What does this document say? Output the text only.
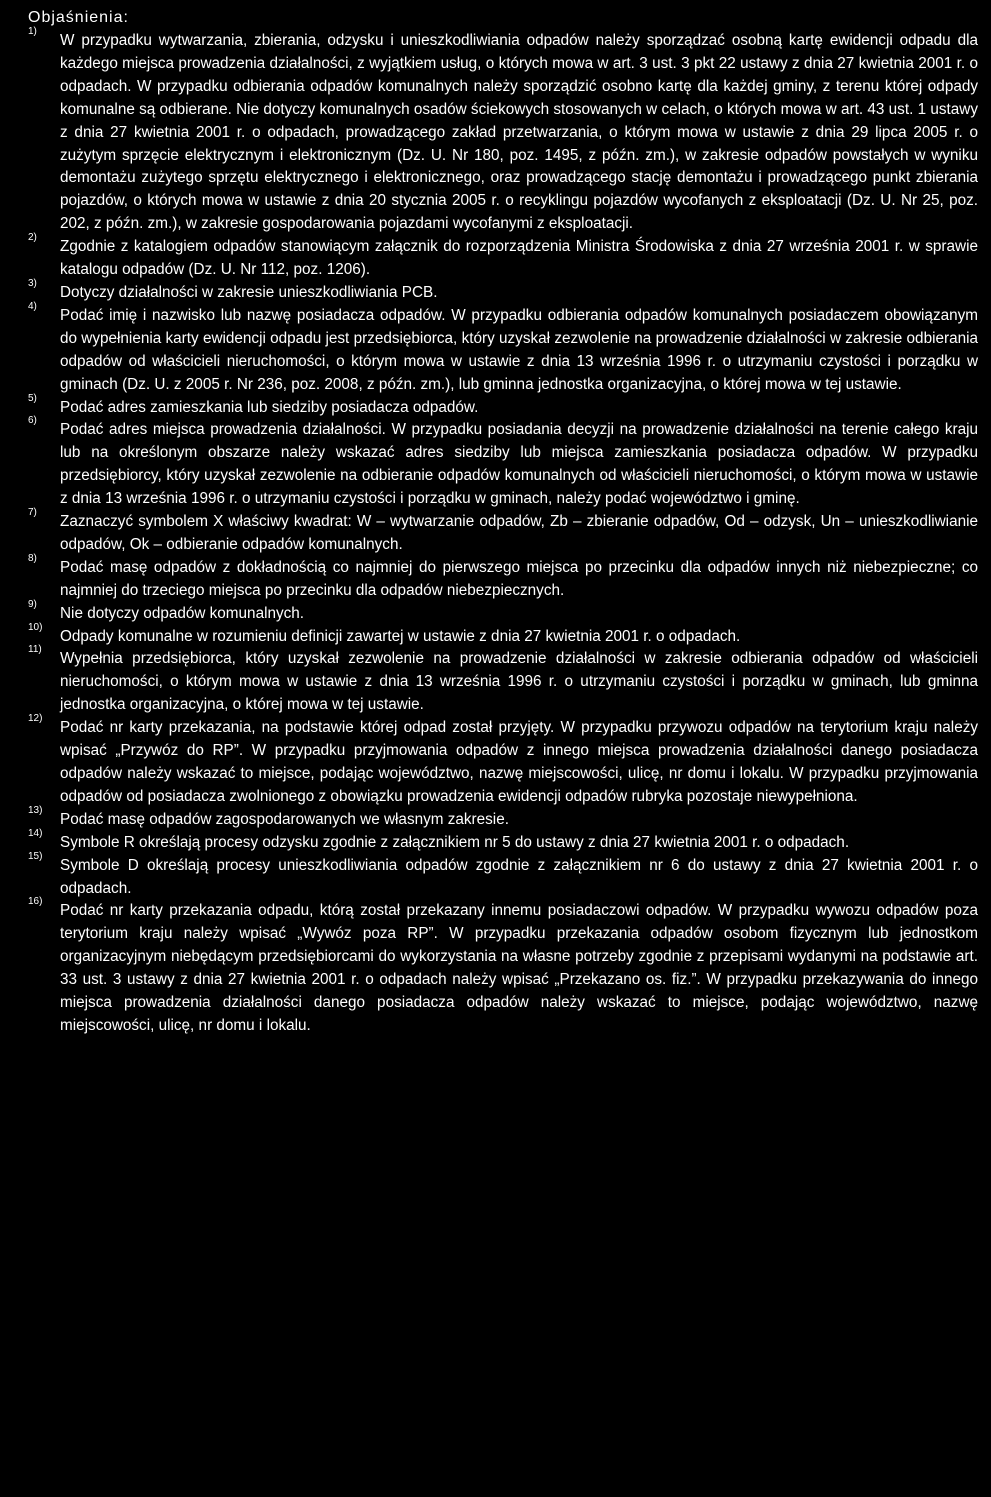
Objaśnienia:
1)
W przypadku wytwarzania, zbierania, odzysku i unieszkodliwiania odpadów należy sporządzać osobną kartę ewidencji odpadu dla każdego miejsca prowadzenia działalności, z wyjątkiem usług, o których mowa w art. 3 ust. 3 pkt 22 ustawy z dnia 27 kwietnia 2001 r. o odpadach. W przypadku odbierania odpadów komunalnych należy sporządzić osobno kartę dla każdej gminy, z terenu której odpady komunalne są odbierane. Nie dotyczy komunalnych osadów ściekowych stosowanych w celach, o których mowa w art. 43 ust. 1 ustawy z dnia 27 kwietnia 2001 r. o odpadach, prowadzącego zakład przetwarzania, o którym mowa w ustawie z dnia 29 lipca 2005 r. o zużytym sprzęcie elektrycznym i elektronicznym (Dz. U. Nr 180, poz. 1495, z późn. zm.), w zakresie odpadów powstałych w wyniku demontażu zużytego sprzętu elektrycznego i elektronicznego, oraz prowadzącego stację demontażu i prowadzącego punkt zbierania pojazdów, o których mowa w ustawie z dnia 20 stycznia 2005 r. o recyklingu pojazdów wycofanych z eksploatacji (Dz. U. Nr 25, poz. 202, z późn. zm.), w zakresie gospodarowania pojazdami wycofanymi z eksploatacji.
2)
Zgodnie z katalogiem odpadów stanowiącym załącznik do rozporządzenia Ministra Środowiska z dnia 27 września 2001 r. w sprawie katalogu odpadów (Dz. U. Nr 112, poz. 1206).
3)
Dotyczy działalności w zakresie unieszkodliwiania PCB.
4)
Podać imię i nazwisko lub nazwę posiadacza odpadów. W przypadku odbierania odpadów komunalnych posiadaczem obowiązanym do wypełnienia karty ewidencji odpadu jest przedsiębiorca, który uzyskał zezwolenie na prowadzenie działalności w zakresie odbierania odpadów od właścicieli nieruchomości, o którym mowa w ustawie z dnia 13 września 1996 r. o utrzymaniu czystości i porządku w gminach (Dz. U. z 2005 r. Nr 236, poz. 2008, z późn. zm.), lub gminna jednostka organizacyjna, o której mowa w tej ustawie.
5)
Podać adres zamieszkania lub siedziby posiadacza odpadów.
6)
Podać adres miejsca prowadzenia działalności. W przypadku posiadania decyzji na prowadzenie działalności na terenie całego kraju lub na określonym obszarze należy wskazać adres siedziby lub miejsca zamieszkania posiadacza odpadów. W przypadku przedsiębiorcy, który uzyskał zezwolenie na odbieranie odpadów komunalnych od właścicieli nieruchomości, o którym mowa w ustawie z dnia 13 września 1996 r. o utrzymaniu czystości i porządku w gminach, należy podać województwo i gminę.
7)
Zaznaczyć symbolem X właściwy kwadrat: W – wytwarzanie odpadów, Zb – zbieranie odpadów, Od – odzysk, Un – unieszkodliwianie odpadów, Ok – odbieranie odpadów komunalnych.
8)
Podać masę odpadów z dokładnością co najmniej do pierwszego miejsca po przecinku dla odpadów innych niż niebezpieczne; co najmniej do trzeciego miejsca po przecinku dla odpadów niebezpiecznych.
9)
Nie dotyczy odpadów komunalnych.
10)
Odpady komunalne w rozumieniu definicji zawartej w ustawie z dnia 27 kwietnia 2001 r. o odpadach.
11)
Wypełnia przedsiębiorca, który uzyskał zezwolenie na prowadzenie działalności w zakresie odbierania odpadów od właścicieli nieruchomości, o którym mowa w ustawie z dnia 13 września 1996 r. o utrzymaniu czystości i porządku w gminach, lub gminna jednostka organizacyjna, o której mowa w tej ustawie.
12)
Podać nr karty przekazania, na podstawie której odpad został przyjęty. W przypadku przywozu odpadów na terytorium kraju należy wpisać „Przywóz do RP”. W przypadku przyjmowania odpadów z innego miejsca prowadzenia działalności danego posiadacza odpadów należy wskazać to miejsce, podając województwo, nazwę miejscowości, ulicę, nr domu i lokalu. W przypadku przyjmowania odpadów od posiadacza zwolnionego z obowiązku prowadzenia ewidencji odpadów rubryka pozostaje niewypełniona.
13)
Podać masę odpadów zagospodarowanych we własnym zakresie.
14)
Symbole R określają procesy odzysku zgodnie z załącznikiem nr 5 do ustawy z dnia 27 kwietnia 2001 r. o odpadach.
15)
Symbole D określają procesy unieszkodliwiania odpadów zgodnie z załącznikiem nr 6 do ustawy z dnia 27 kwietnia 2001 r. o odpadach.
16)
Podać nr karty przekazania odpadu, którą został przekazany innemu posiadaczowi odpadów. W przypadku wywozu odpadów poza terytorium kraju należy wpisać „Wywóz poza RP”. W przypadku przekazania odpadów osobom fizycznym lub jednostkom organizacyjnym niebędącym przedsiębiorcami do wykorzystania na własne potrzeby zgodnie z przepisami wydanymi na podstawie art. 33 ust. 3 ustawy z dnia 27 kwietnia 2001 r. o odpadach należy wpisać „Przekazano os. fiz.”. W przypadku przekazywania do innego miejsca prowadzenia działalności danego posiadacza odpadów należy wskazać to miejsce, podając województwo, nazwę miejscowości, ulicę, nr domu i lokalu.
